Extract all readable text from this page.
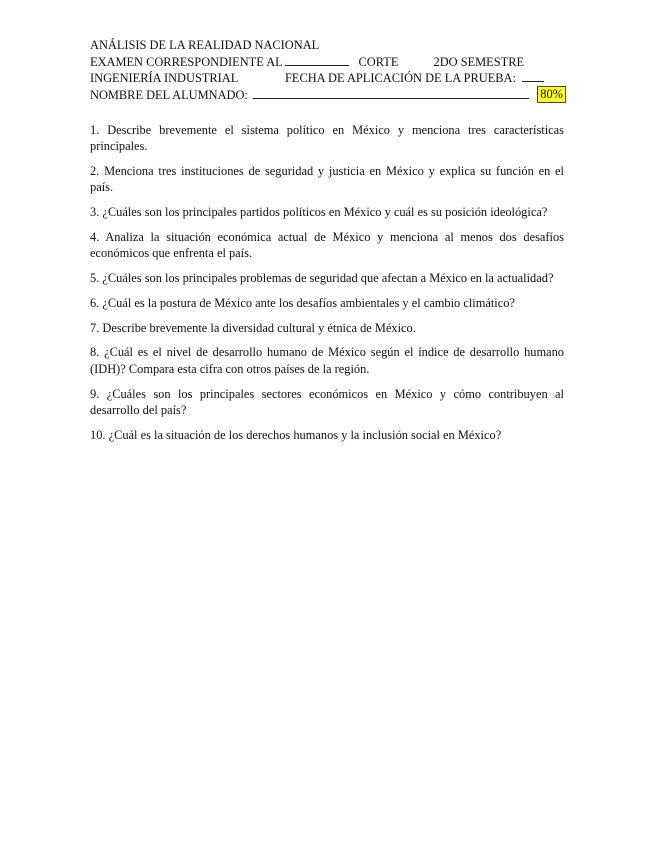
ANÁLISIS DE LA REALIDAD NACIONAL
EXAMEN CORRESPONDIENTE AL	CORTE	2DO SEMESTRE
INGENIERÍA INDUSTRIAL	FECHA DE APLICACIÓN DE LA PRUEBA:
NOMBRE DEL ALUMNADO:	80%

1. Describe brevemente el sistema político en México y menciona tres características principales.

2. Menciona tres instituciones de seguridad y justicia en México y explica su función en el país.

3. ¿Cuáles son los principales partidos políticos en México y cuál es su posición ideológica?

4. Analiza la situación económica actual de México y menciona al menos dos desafíos económicos que enfrenta el país.

5. ¿Cuáles son los principales problemas de seguridad que afectan a México en la actualidad?

6. ¿Cuál es la postura de México ante los desafíos ambientales y el cambio climático?

7. Describe brevemente la diversidad cultural y étnica de México.

8. ¿Cuál es el nivel de desarrollo humano de México según el índice de desarrollo humano (IDH)? Compara esta cifra con otros países de la región.

9. ¿Cuáles son los principales sectores económicos en México y cómo contribuyen al desarrollo del país?

10. ¿Cuál es la situación de los derechos humanos y la inclusión social en México?
